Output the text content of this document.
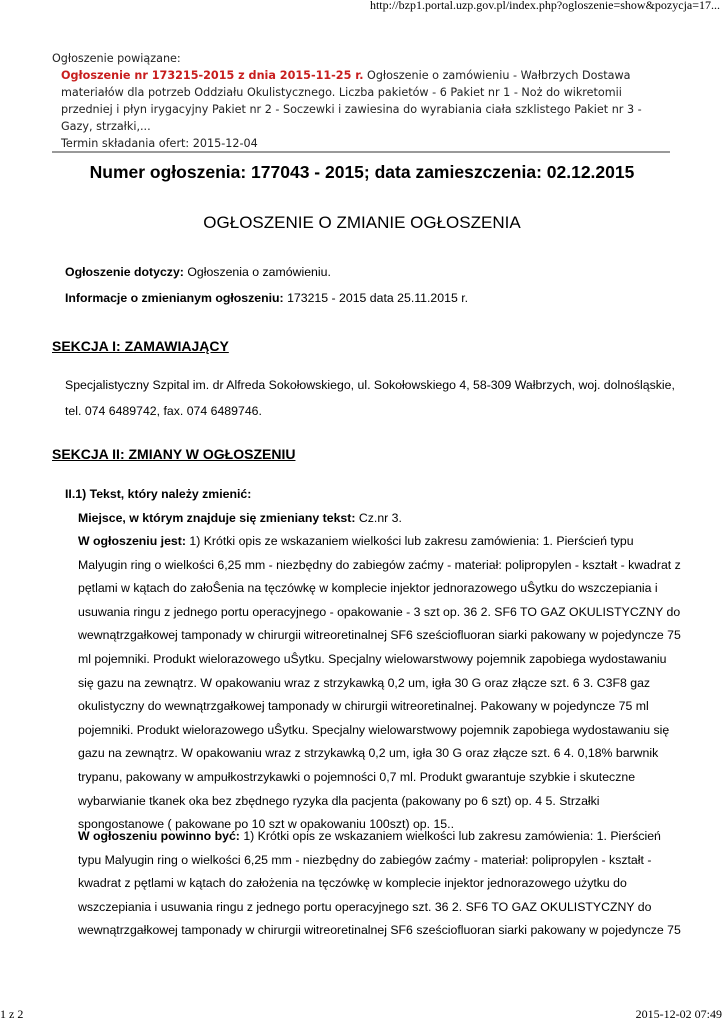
http://bzp1.portal.uzp.gov.pl/index.php?ogloszenie=show&pozycja=17...
Ogłoszenie powiązane:
Ogłoszenie nr 173215-2015 z dnia 2015-11-25 r. Ogłoszenie o zamówieniu - Wałbrzych Dostawa materiałów dla potrzeb Oddziału Okulistycznego. Liczba pakietów - 6 Pakiet nr 1 - Noż do wikretomii przedniej i płyn irygacyjny Pakiet nr 2 - Soczewki i zawiesina do wyrabiania ciała szklistego Pakiet nr 3 - Gazy, strzałki,...
Termin składania ofert: 2015-12-04
Numer ogłoszenia: 177043 - 2015; data zamieszczenia: 02.12.2015
OGŁOSZENIE O ZMIANIE OGŁOSZENIA
Ogłoszenie dotyczy: Ogłoszenia o zamówieniu.
Informacje o zmienianym ogłoszeniu: 173215 - 2015 data 25.11.2015 r.
SEKCJA I: ZAMAWIAJĄCY
Specjalistyczny Szpital im. dr Alfreda Sokołowskiego, ul. Sokołowskiego 4, 58-309 Wałbrzych, woj. dolnośląskie, tel. 074 6489742, fax. 074 6489746.
SEKCJA II: ZMIANY W OGŁOSZENIU
II.1) Tekst, który należy zmienić:
Miejsce, w którym znajduje się zmieniany tekst: Cz.nr 3.
W ogłoszeniu jest: 1) Krótki opis ze wskazaniem wielkości lub zakresu zamówienia: 1. Pierścień typu Malyugin ring o wielkości 6,25 mm - niezbędny do zabiegów zaćmy - materiał: polipropylen - kształt - kwadrat z pętlami w kątach do załoŜenia na tęczówkę w komplecie injektor jednorazowego uŜytku do wszczepiania i usuwania ringu z jednego portu operacyjnego - opakowanie - 3 szt op. 36 2. SF6 TO GAZ OKULISTYCZNY do wewnątrzgałkowej tamponady w chirurgii witreoretinalnej SF6 sześciofluoran siarki pakowany w pojedyncze 75 ml pojemniki. Produkt wielorazowego uŜytku. Specjalny wielowarstwowy pojemnik zapobiega wydostawaniu się gazu na zewnątrz. W opakowaniu wraz z strzykawką 0,2 um, igła 30 G oraz złącze szt. 6 3. C3F8 gaz okulistyczny do wewnątrzgałkowej tamponady w chirurgii witreoretinalnej. Pakowany w pojedyncze 75 ml pojemniki. Produkt wielorazowego uŜytku. Specjalny wielowarstwowy pojemnik zapobiega wydostawaniu się gazu na zewnątrz. W opakowaniu wraz z strzykawką 0,2 um, igła 30 G oraz złącze szt. 6 4. 0,18% barwnik trypanu, pakowany w ampułkostrzykawki o pojemności 0,7 ml. Produkt gwarantuje szybkie i skuteczne wybarwianie tkanek oka bez zbędnego ryzyka dla pacjenta (pakowany po 6 szt) op. 4 5. Strzałki spongostanowe ( pakowane po 10 szt w opakowaniu 100szt) op. 15..
W ogłoszeniu powinno być: 1) Krótki opis ze wskazaniem wielkości lub zakresu zamówienia: 1. Pierścień typu Malyugin ring o wielkości 6,25 mm - niezbędny do zabiegów zaćmy - materiał: polipropylen - kształt - kwadrat z pętlami w kątach do założenia na tęczówkę w komplecie injektor jednorazowego użytku do wszczepiania i usuwania ringu z jednego portu operacyjnego szt. 36 2. SF6 TO GAZ OKULISTYCZNY do wewnątrzgałkowej tamponady w chirurgii witreoretinalnej SF6 sześciofluoran siarki pakowany w pojedyncze 75
1 z 2	2015-12-02 07:49
